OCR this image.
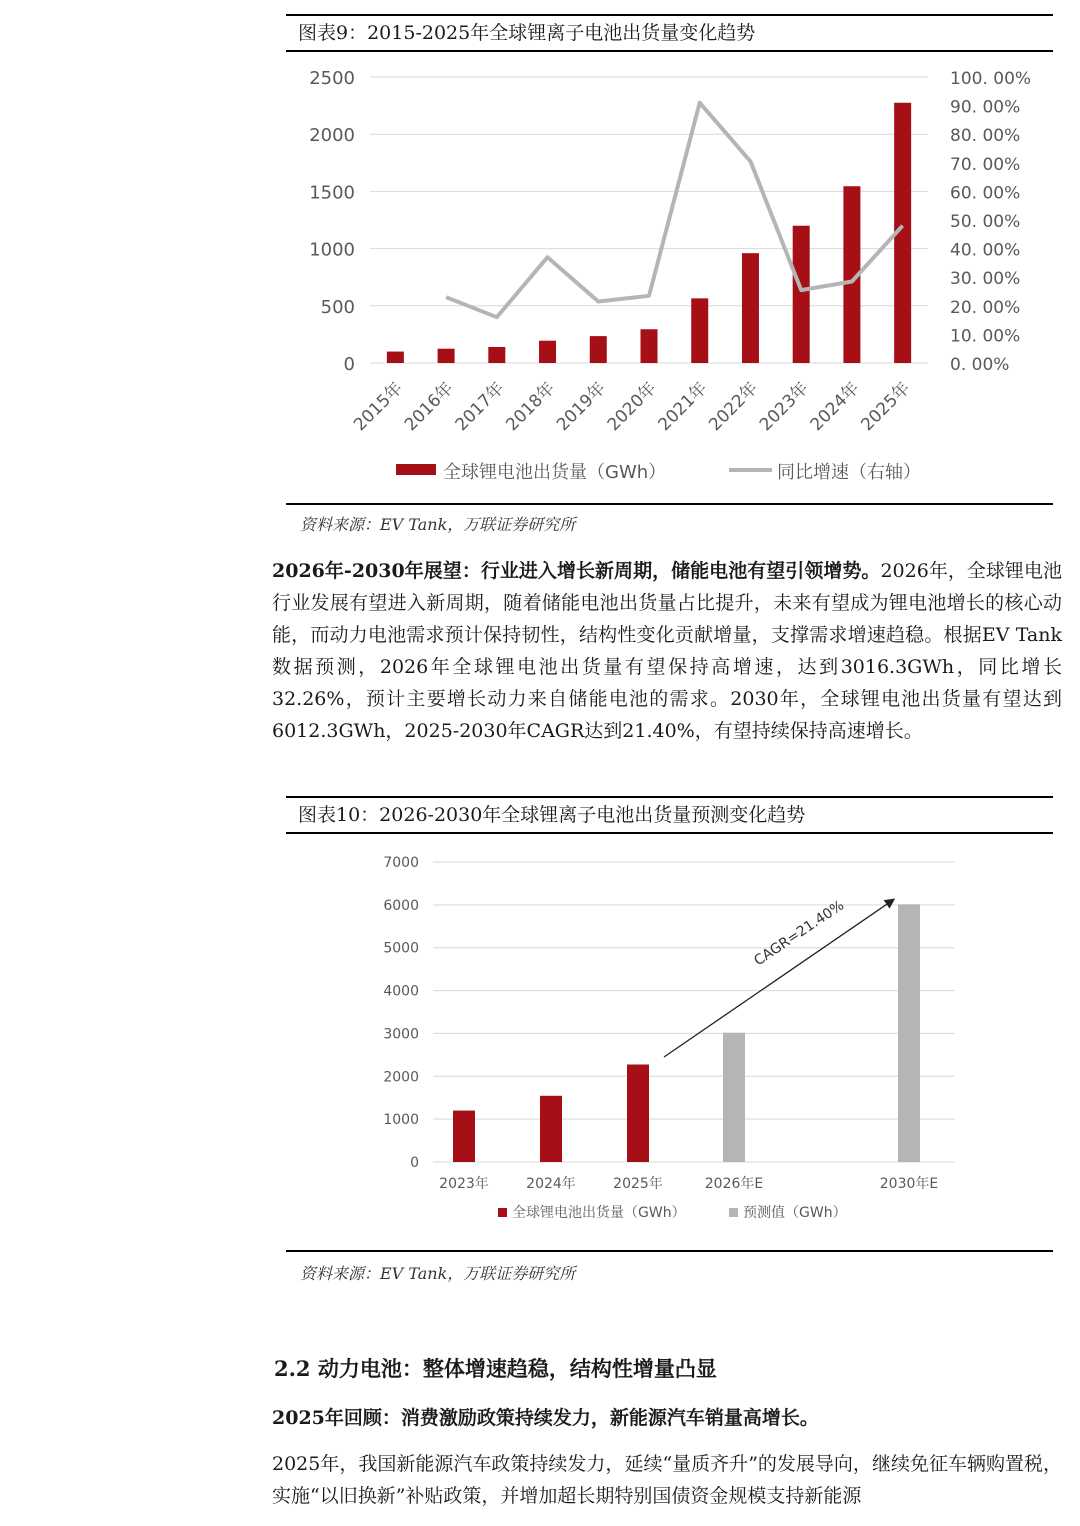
图表9：2015-2025年全球锂离子电池出货量变化趋势
0
500
1000
1500
2000
2500
0. 00%
10. 00%
20. 00%
30. 00%
40. 00%
50. 00%
60. 00%
70. 00%
80. 00%
90. 00%
100. 00%
2015年
2016年
2017年
2018年
2019年
2020年
2021年
2022年
2023年
2024年
2025年
全球锂电池出货量（GWh）	同比增速（右轴）
资料来源：EV Tank，万联证券研究所

2026年-2030年展望：行业进入增长新周期，储能电池有望引领增势。2026年，全球锂电池行业发展有望进入新周期，随着储能电池出货量占比提升，未来有望成为锂电池增长的核心动能，而动力电池需求预计保持韧性，结构性变化贡献增量，支撑需求增速趋稳。根据EV Tank数据预测，2026年全球锂电池出货量有望保持高增速，达到3016.3GWh，同比增长32.26%，预计主要增长动力来自储能电池的需求。2030年，全球锂电池出货量有望达到6012.3GWh，2025-2030年CAGR达到21.40%，有望持续保持高速增长。

图表10：2026-2030年全球锂离子电池出货量预测变化趋势
0
1000
2000
3000
4000
5000
6000
7000
2023年	2024年	2025年	2026年E	2030年E
CAGR=21.40%
全球锂电池出货量（GWh）	预测值（GWh）
资料来源：EV Tank，万联证券研究所
2.2 动力电池：整体增速趋稳，结构性增量凸显
2025年回顾：消费激励政策持续发力，新能源汽车销量高增长。

2025年，我国新能源汽车政策持续发力，延续“量质齐升”的发展导向，继续免征车辆购置税，实施“以旧换新”补贴政策，并增加超长期特别国债资金规模支持新能源
